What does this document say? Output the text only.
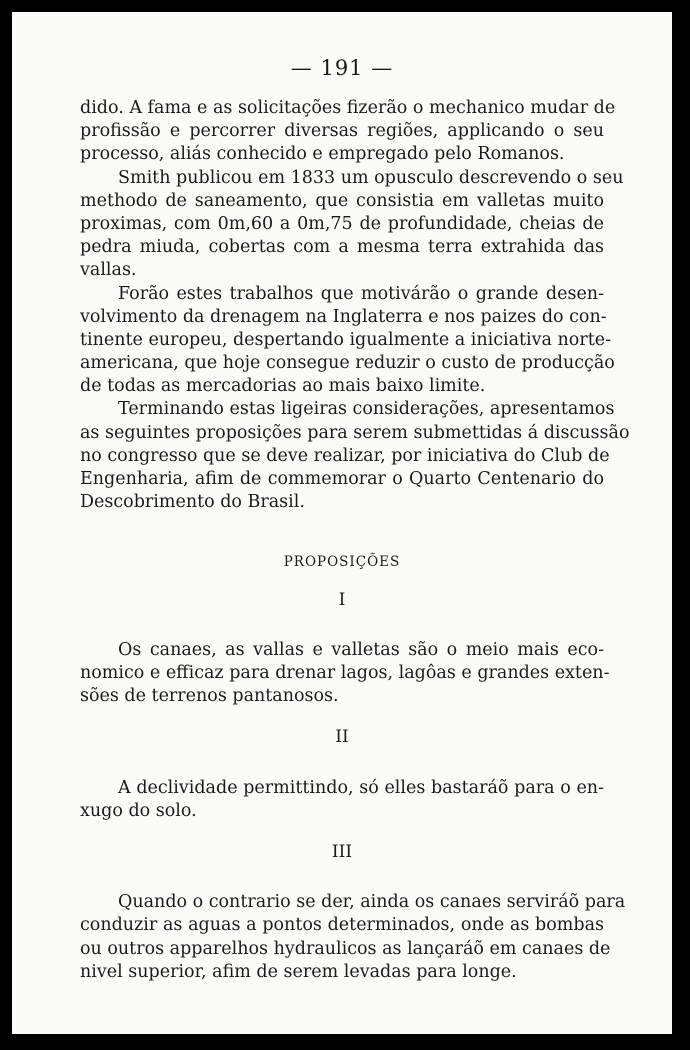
— 191 —
dido. A fama e as solicitações fizerão o mechanico mudar de
profissão e percorrer diversas regiões, applicando o seu
processo, aliás conhecido e empregado pelo Romanos.
Smith publicou em 1833 um opusculo descrevendo o seu
methodo de saneamento, que consistia em valletas muito
proximas, com 0m,60 a 0m,75 de profundidade, cheias de
pedra miuda, cobertas com a mesma terra extrahida das
vallas.
Forão estes trabalhos que motivárão o grande desen-
volvimento da drenagem na Inglaterra e nos paizes do con-
tinente europeu, despertando igualmente a iniciativa norte-
americana, que hoje consegue reduzir o custo de producção
de todas as mercadorias ao mais baixo limite.
Terminando estas ligeiras considerações, apresentamos
as seguintes proposições para serem submettidas á discussão
no congresso que se deve realizar, por iniciativa do Club de
Engenharia, afim de commemorar o Quarto Centenario do
Descobrimento do Brasil.
PROPOSIÇÕES
I
Os canaes, as vallas e valletas são o meio mais eco-
nomico e efficaz para drenar lagos, lagôas e grandes exten-
sões de terrenos pantanosos.
II
A declividade permittindo, só elles bastaráõ para o en-
xugo do solo.
III
Quando o contrario se der, ainda os canaes serviráõ para
conduzir as aguas a pontos determinados, onde as bombas
ou outros apparelhos hydraulicos as lançaráõ em canaes de
nivel superior, afim de serem levadas para longe.
